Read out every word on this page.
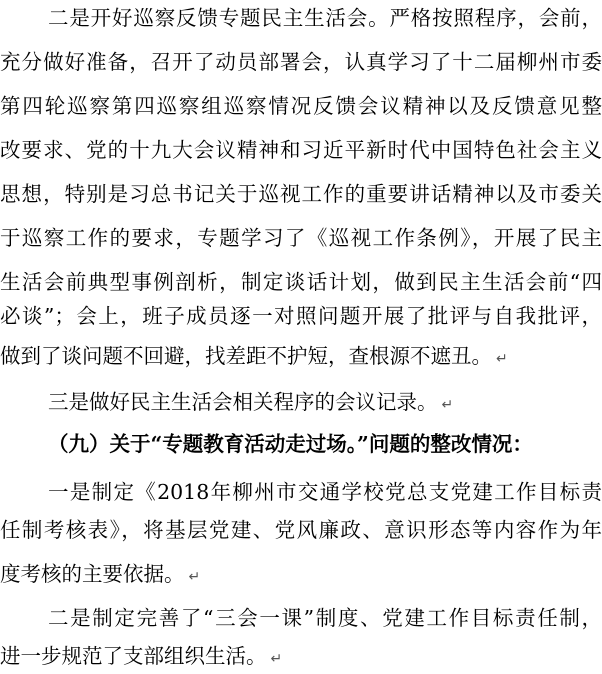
二是开好巡察反馈专题民主生活会。严格按照程序，会前，
充分做好准备，召开了动员部署会，认真学习了十二届柳州市委
第四轮巡察第四巡察组巡察情况反馈会议精神以及反馈意见整
改要求、党的十九大会议精神和习近平新时代中国特色社会主义
思想，特别是习总书记关于巡视工作的重要讲话精神以及市委关
于巡察工作的要求，专题学习了《巡视工作条例》，开展了民主
生活会前典型事例剖析，制定谈话计划，做到民主生活会前“四
必谈”；会上，班子成员逐一对照问题开展了批评与自我批评，
做到了谈问题不回避，找差距不护短，查根源不遮丑。 ↵
三是做好民主生活会相关程序的会议记录。 ↵
（九）关于“专题教育活动走过场。”问题的整改情况：
一是制定《2018年柳州市交通学校党总支党建工作目标责
任制考核表》，将基层党建、党风廉政、意识形态等内容作为年
度考核的主要依据。 ↵
二是制定完善了“三会一课”制度、党建工作目标责任制，
进一步规范了支部组织生活。 ↵
